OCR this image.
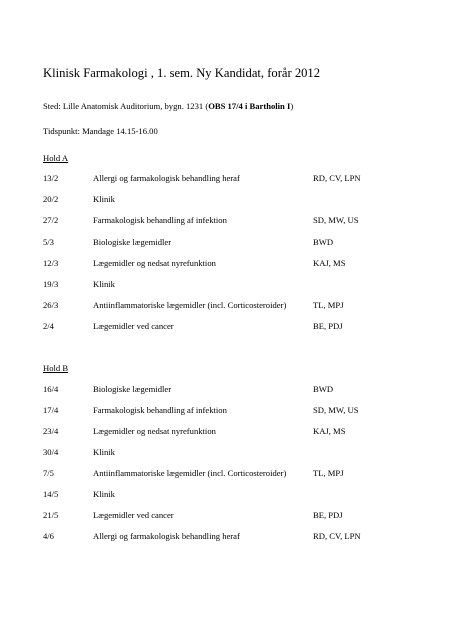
Klinisk Farmakologi , 1. sem. Ny Kandidat, forår 2012
Sted: Lille Anatomisk Auditorium, bygn. 1231 (OBS 17/4 i Bartholin I)
Tidspunkt: Mandage 14.15-16.00
Hold A
13/2	Allergi og farmakologisk behandling heraf	RD, CV, LPN
20/2	Klinik
27/2	Farmakologisk behandling af infektion	SD, MW, US
5/3	Biologiske lægemidler	BWD
12/3	Lægemidler og nedsat nyrefunktion	KAJ, MS
19/3	Klinik
26/3	Antiinflammatoriske lægemidler (incl. Corticosteroider)	TL, MPJ
2/4	Lægemidler ved cancer	BE, PDJ
Hold B
16/4	Biologiske lægemidler	BWD
17/4	Farmakologisk behandling af infektion	SD, MW, US
23/4	Lægemidler og nedsat nyrefunktion	KAJ, MS
30/4	Klinik
7/5	Antiinflammatoriske lægemidler (incl. Corticosteroider)	TL, MPJ
14/5	Klinik
21/5	Lægemidler ved cancer	BE, PDJ
4/6	Allergi og farmakologisk behandling heraf	RD, CV, LPN
